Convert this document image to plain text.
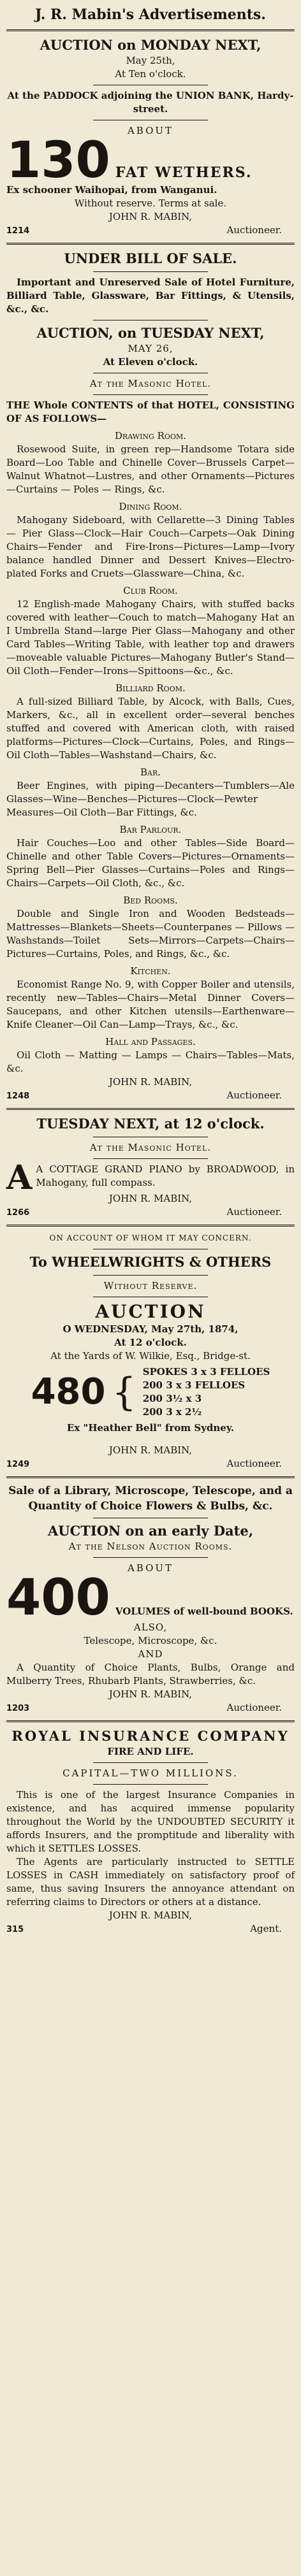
J. R. Mabin's Advertisements.
AUCTION on MONDAY NEXT,
May 25th,
At Ten o'clock.
At the PADDOCK adjoining the UNION BANK, Hardy-street.
ABOUT
130 FAT WETHERS.
Ex schooner Waihopai, from Wanganui.
Without reserve. Terms at sale.
JOHN R. MABIN,
1214	Auctioneer.
UNDER BILL OF SALE.
Important and Unreserved Sale of Hotel Furniture, Billiard Table, Glassware, Bar Fittings, & Utensils, &c., &c.
AUCTION, on TUESDAY NEXT,
MAY 26,
At Eleven o'clock.
At the Masonic Hotel.
THE Whole CONTENTS of that HOTEL, CONSISTING OF AS FOLLOWS—
Drawing Room.
Rosewood Suite, in green rep—Handsome Totara side Board—Loo Table and Chinelle Cover—Brussels Carpet—Walnut Whatnot—Lustres, and other Ornaments—Pictures—Curtains — Poles — Rings, &c.
Dining Room.
Mahogany Sideboard, with Cellarette—3 Dining Tables — Pier Glass—Clock—Hair Couch—Carpets—Oak Dining Chairs—Fender and Fire-Irons—Pictures—Lamp—Ivory balance handled Dinner and Dessert Knives—Electro-plated Forks and Cruets—Glassware—China, &c.
Club Room.
12 English-made Mahogany Chairs, with stuffed backs covered with leather—Couch to match—Mahogany Hat an I Umbrella Stand—large Pier Glass—Mahogany and other Card Tables—Writing Table, with leather top and drawers—moveable valuable Pictures—Mahogany Butler's Stand—Oil Cloth—Fender—Irons—Spittoons—&c., &c.
Billiard Room.
A full-sized Billiard Table, by Alcock, with Balls, Cues, Markers, &c., all in excellent order—several benches stuffed and covered with American cloth, with raised platforms—Pictures—Clock—Curtains, Poles, and Rings—Oil Cloth—Tables—Washstand—Chairs, &c.
Bar.
Beer Engines, with piping—Decanters—Tumblers—Ale Glasses—Wine—Benches—Pictures—Clock—Pewter Measures—Oil Cloth—Bar Fittings, &c.
Bar Parlour.
Hair Couches—Loo and other Tables—Side Board—Chinelle and other Table Covers—Pictures—Ornaments—Spring Bell—Pier Glasses—Curtains—Poles and Rings—Chairs—Carpets—Oil Cloth, &c., &c.
Bed Rooms.
Double and Single Iron and Wooden Bedsteads—Mattresses—Blankets—Sheets—Counterpanes — Pillows — Washstands—Toilet Sets—Mirrors—Carpets—Chairs—Pictures—Curtains, Poles, and Rings, &c., &c.
Kitchen.
Economist Range No. 9, with Copper Boiler and utensils, recently new—Tables—Chairs—Metal Dinner Covers—Saucepans, and other Kitchen utensils—Earthenware—Knife Cleaner—Oil Can—Lamp—Trays, &c., &c.
Hall and Passages.
Oil Cloth — Matting — Lamps — Chairs—Tables—Mats, &c.
JOHN R. MABIN,
1248	Auctioneer.
TUESDAY NEXT, at 12 o'clock.
At the Masonic Hotel.
A A COTTAGE GRAND PIANO by BROADWOOD, in Mahogany, full compass.
JOHN R. MABIN,
1266	Auctioneer.
ON ACCOUNT OF WHOM IT MAY CONCERN.
To WHEELWRIGHTS & OTHERS
Without Reserve.
AUCTION
O WEDNESDAY, May 27th, 1874,
At 12 o'clock.
At the Yards of W. Wilkie, Esq., Bridge-st.
480 { SPOKES 3 x 3 FELLOES
200 3 x 3 FELLOES
200 3½ x 3
200 3 x 2½
Ex "Heather Bell" from Sydney.
JOHN R. MABIN,
1249	Auctioneer.
Sale of a Library, Microscope, Telescope, and a Quantity of Choice Flowers & Bulbs, &c.
AUCTION on an early Date,
At the Nelson Auction Rooms.
ABOUT
400 VOLUMES of well-bound BOOKS.
ALSO,
Telescope, Microscope, &c.
AND
A Quantity of Choice Plants, Bulbs, Orange and Mulberry Trees, Rhubarb Plants, Strawberries, &c.
JOHN R. MABIN,
1203	Auctioneer.
ROYAL INSURANCE COMPANY
FIRE AND LIFE.
CAPITAL—TWO MILLIONS.
This is one of the largest Insurance Companies in existence, and has acquired immense popularity throughout the World by the UNDOUBTED SECURITY it affords Insurers, and the promptitude and liberality with which it SETTLES LOSSES.
The Agents are particularly instructed to SETTLE LOSSES in CASH immediately on satisfactory proof of same, thus saving Insurers the annoyance attendant on referring claims to Directors or others at a distance.
JOHN R. MABIN,
315	Agent.
